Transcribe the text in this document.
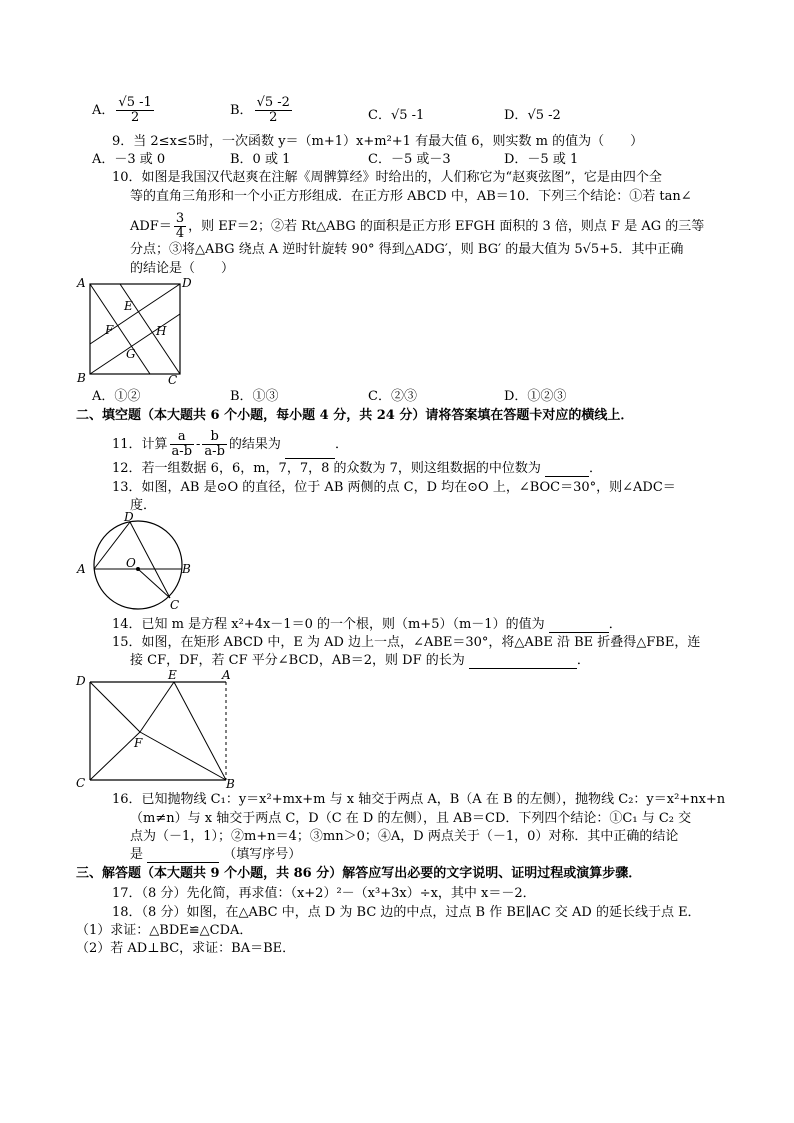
A． $\frac{√5 -1}{2}$	B． $\frac{√5 -2}{2}$	C．√5 -1	D．√5 -2
9．当 2≤x≤5时，一次函数 y＝（m+1）x+m²+1 有最大值 6，则实数 m 的值为（　　）
A．－3 或 0	B．0 或 1	C．－5 或－3	D．－5 或 1
10．如图是我国汉代赵爽在注解《周髀算经》时给出的，人们称它为“赵爽弦图”，它是由四个全
等的直角三角形和一个小正方形组成．在正方形 ABCD 中，AB＝10．下列三个结论：①若 tan∠
$ADF= \frac{3}{4}$ ，则 EF＝2；②若 Rt△ABG 的面积是正方形 EFGH 面积的 3 倍，则点 F 是 AG 的三等
分点；③将△ABG 绕点 A 逆时针旋转 90° 得到△ADG′，则 BG′ 的最大值为 5√5+5．其中正确
的结论是（　　）
A	D
E
F	H
G
B	C
A．①②	B．①③	C．②③	D．①②③
二、填空题（本大题共 6 个小题，每小题 4 分，共 24 分）请将答案填在答题卡对应的横线上．
11．计算 $\frac{a}{a-b} - \frac{b}{a-b}$ 的结果为	．
12．若一组数据 6，6，m，7，7，8 的众数为 7，则这组数据的中位数为	．
13．如图，AB 是⊙O 的直径，位于 AB 两侧的点 C，D 均在⊙O 上，∠BOC＝30°，则∠ADC＝
度．
D
A	O	B
C
14．已知 m 是方程 x²+4x－1＝0 的一个根，则（m+5）（m－1）的值为	．
15．如图，在矩形 ABCD 中，E 为 AD 边上一点，∠ABE＝30°，将△ABE 沿 BE 折叠得△FBE，连
接 CF，DF，若 CF 平分∠BCD，AB＝2，则 DF 的长为	．
D	E	A
F
C	B
16．已知抛物线 C₁：y＝x²+mx+m 与 x 轴交于两点 A，B（A 在 B 的左侧），抛物线 C₂：y＝x²+nx+n
（m≠n）与 x 轴交于两点 C，D（C 在 D 的左侧），且 AB＝CD．下列四个结论：①C₁ 与 C₂ 交
点为（－1，1）；②m+n＝4；③mn＞0；④A，D 两点关于（－1，0）对称．其中正确的结论
是	（填写序号）
三、解答题（本大题共 9 个小题，共 86 分）解答应写出必要的文字说明、证明过程或演算步骤．
17．（8 分）先化简，再求值：（x+2）²－（x³+3x）÷x，其中 x＝－2．
18．（8 分）如图，在△ABC 中，点 D 为 BC 边的中点，过点 B 作 BE∥AC 交 AD 的延长线于点 E．
（1）求证：△BDE≌△CDA．
（2）若 AD⊥BC，求证：BA＝BE．
